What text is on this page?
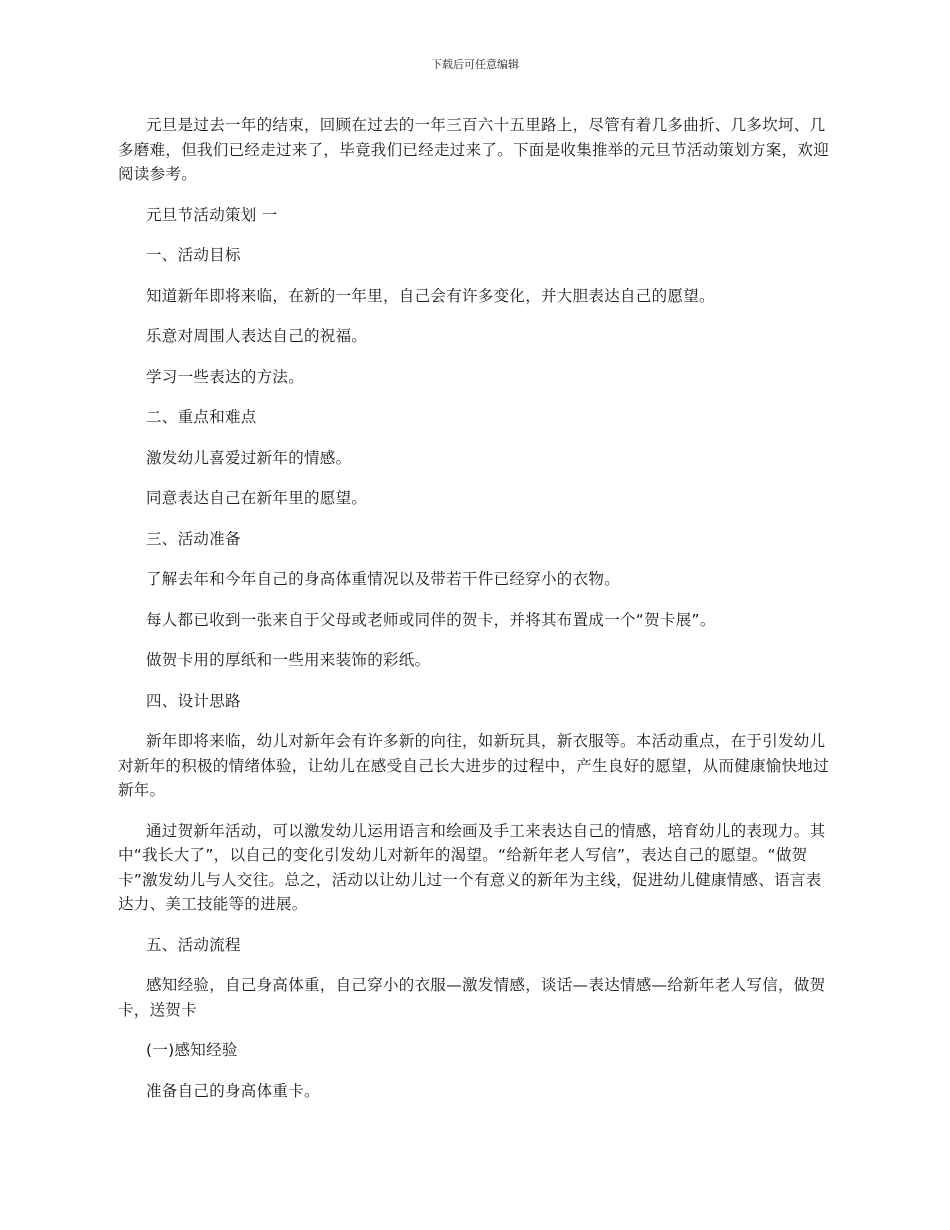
下载后可任意编辑

元旦是过去一年的结束，回顾在过去的一年三百六十五里路上，尽管有着几多曲折、几多坎坷、几多磨难，但我们已经走过来了，毕竟我们已经走过来了。下面是收集推举的元旦节活动策划方案，欢迎阅读参考。

元旦节活动策划 一

一、活动目标

知道新年即将来临，在新的一年里，自己会有许多变化，并大胆表达自己的愿望。

乐意对周围人表达自己的祝福。

学习一些表达的方法。

二、重点和难点

激发幼儿喜爱过新年的情感。

同意表达自己在新年里的愿望。

三、活动准备

了解去年和今年自己的身高体重情况以及带若干件已经穿小的衣物。

每人都已收到一张来自于父母或老师或同伴的贺卡，并将其布置成一个“贺卡展”。

做贺卡用的厚纸和一些用来装饰的彩纸。

四、设计思路

新年即将来临，幼儿对新年会有许多新的向往，如新玩具，新衣服等。本活动重点，在于引发幼儿对新年的积极的情绪体验，让幼儿在感受自己长大进步的过程中，产生良好的愿望，从而健康愉快地过新年。

通过贺新年活动，可以激发幼儿运用语言和绘画及手工来表达自己的情感，培育幼儿的表现力。其中“我长大了”，以自己的变化引发幼儿对新年的渴望。“给新年老人写信”，表达自己的愿望。“做贺卡”激发幼儿与人交往。总之，活动以让幼儿过一个有意义的新年为主线，促进幼儿健康情感、语言表达力、美工技能等的进展。

五、活动流程

感知经验，自己身高体重，自己穿小的衣服—激发情感，谈话—表达情感—给新年老人写信，做贺卡，送贺卡

(一)感知经验

准备自己的身高体重卡。
